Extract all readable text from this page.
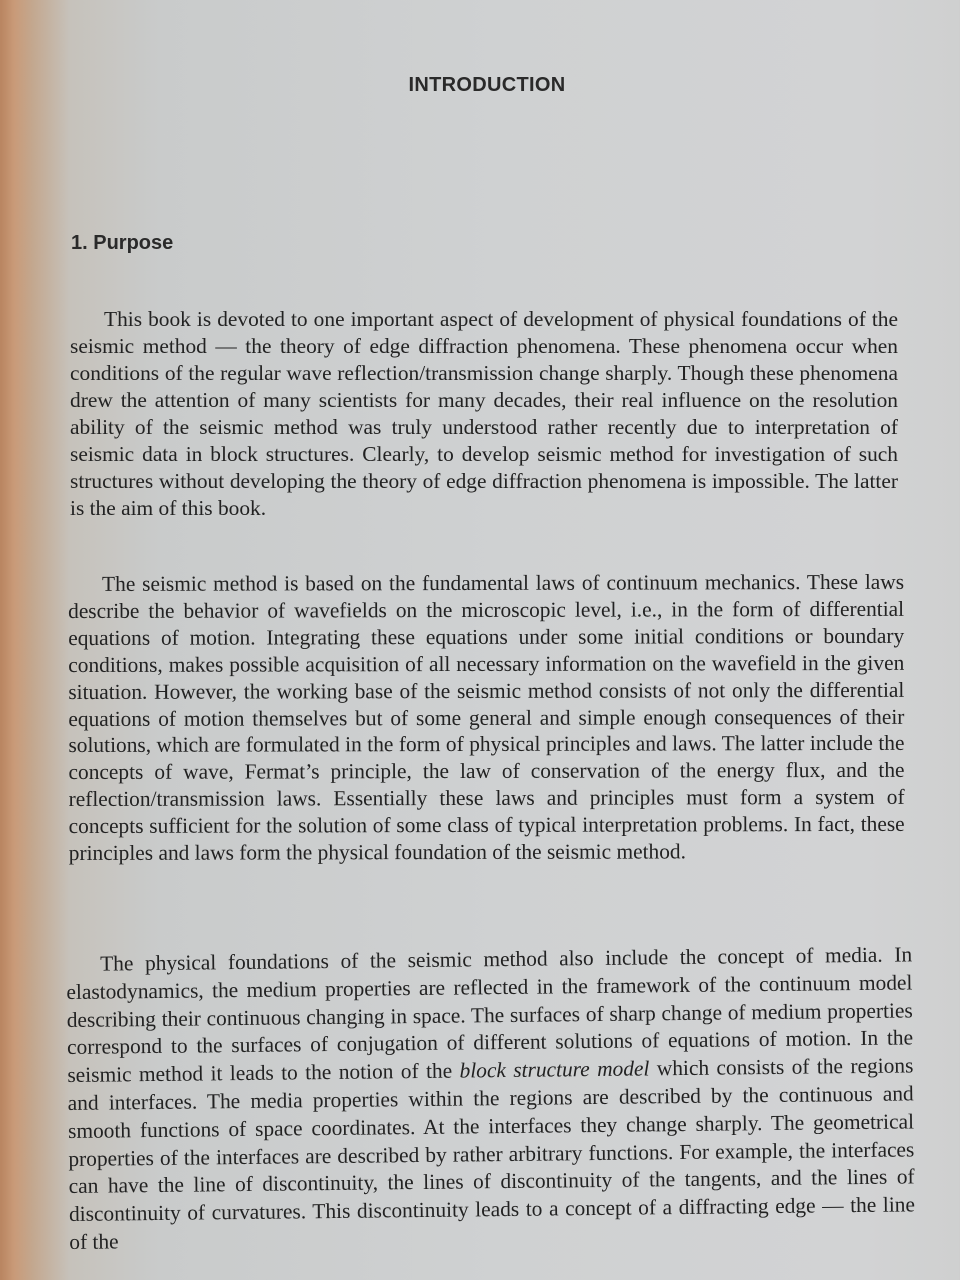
INTRODUCTION
1. Purpose

This book is devoted to one important aspect of development of physical foundations of the seismic method — the theory of edge diffraction phenomena. These phenomena occur when conditions of the regular wave reflection/transmission change sharply. Though these phenomena drew the attention of many scientists for many decades, their real influence on the resolution ability of the seismic method was truly understood rather recently due to interpretation of seismic data in block structures. Clearly, to develop seismic method for investigation of such structures without developing the theory of edge diffraction phenomena is impossible. The latter is the aim of this book.

The seismic method is based on the fundamental laws of continuum mechanics. These laws describe the behavior of wavefields on the microscopic level, i.e., in the form of differential equations of motion. Integrating these equations under some initial conditions or boundary conditions, makes possible acquisition of all necessary information on the wavefield in the given situation. However, the working base of the seismic method consists of not only the differential equations of motion themselves but of some general and simple enough consequences of their solutions, which are formulated in the form of physical principles and laws. The latter include the concepts of wave, Fermat’s principle, the law of conservation of the energy flux, and the reflection/transmission laws. Essentially these laws and principles must form a system of concepts sufficient for the solution of some class of typical interpretation problems. In fact, these principles and laws form the physical foundation of the seismic method.

The physical foundations of the seismic method also include the concept of media. In elastodynamics, the medium properties are reflected in the framework of the continuum model describing their continuous changing in space. The surfaces of sharp change of medium properties correspond to the surfaces of conjugation of different solutions of equations of motion. In the seismic method it leads to the notion of the block structure model which consists of the regions and interfaces. The media properties within the regions are described by the continuous and smooth functions of space coordinates. At the interfaces they change sharply. The geometrical properties of the interfaces are described by rather arbitrary functions. For example, the interfaces can have the line of discontinuity, the lines of discontinuity of the tangents, and the lines of discontinuity of curvatures. This discontinuity leads to a concept of a diffracting edge — the line of the
